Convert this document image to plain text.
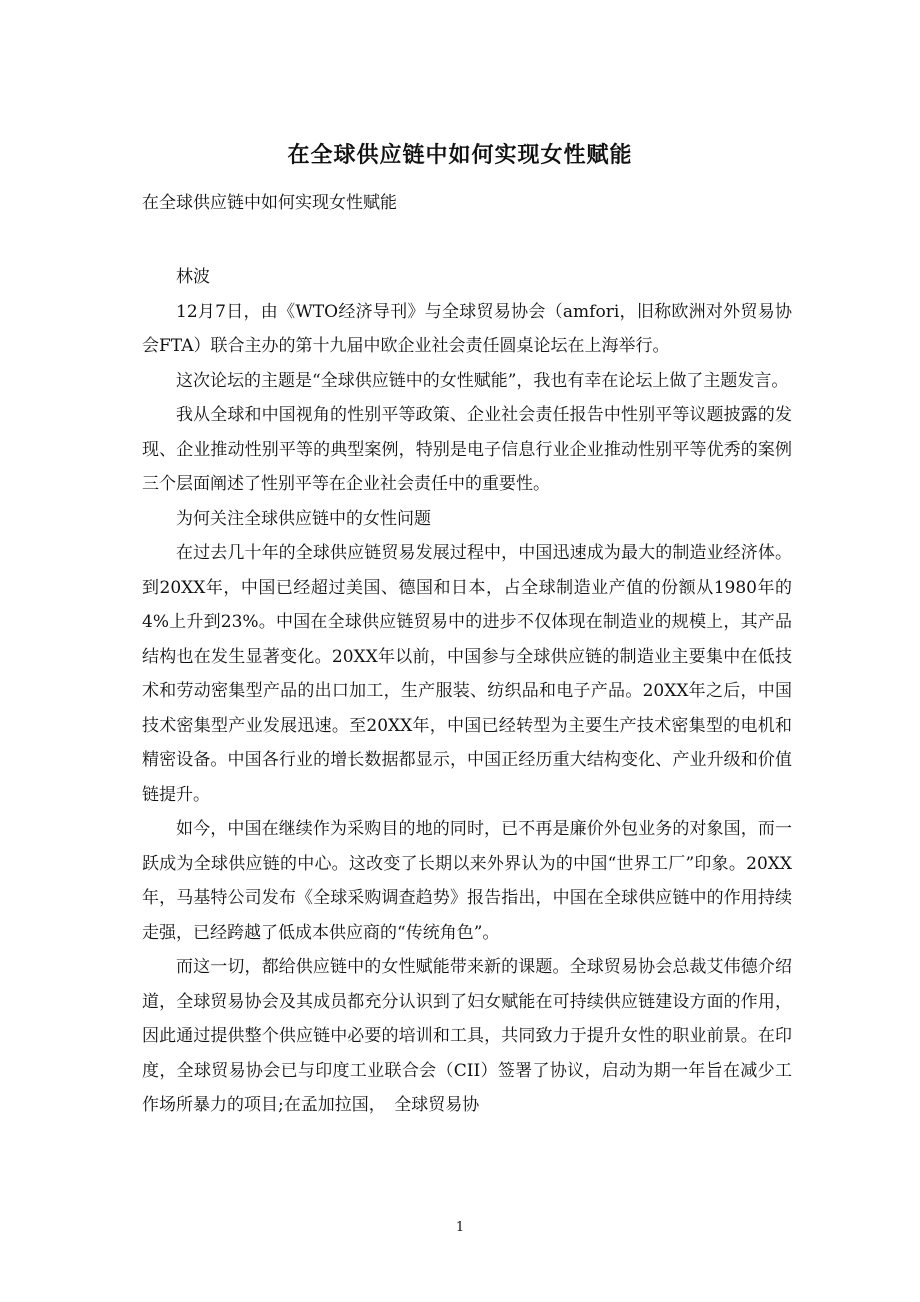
在全球供应链中如何实现女性赋能

在全球供应链中如何实现女性赋能

林波

12月7日，由《WTO经济导刊》与全球贸易协会（amfori，旧称欧洲对外贸易协会FTA）联合主办的第十九届中欧企业社会责任圆桌论坛在上海举行。

这次论坛的主题是“全球供应链中的女性赋能”，我也有幸在论坛上做了主题发言。

我从全球和中国视角的性别平等政策、企业社会责任报告中性别平等议题披露的发现、企业推动性别平等的典型案例，特别是电子信息行业企业推动性别平等优秀的案例三个层面阐述了性别平等在企业社会责任中的重要性。

为何关注全球供应链中的女性问题

在过去几十年的全球供应链贸易发展过程中，中国迅速成为最大的制造业经济体。到20XX年，中国已经超过美国、德国和日本，占全球制造业产值的份额从1980年的4%上升到23%。中国在全球供应链贸易中的进步不仅体现在制造业的规模上，其产品结构也在发生显著变化。20XX年以前，中国参与全球供应链的制造业主要集中在低技术和劳动密集型产品的出口加工，生产服装、纺织品和电子产品。20XX年之后，中国技术密集型产业发展迅速。至20XX年，中国已经转型为主要生产技术密集型的电机和精密设备。中国各行业的增长数据都显示，中国正经历重大结构变化、产业升级和价值链提升。

如今，中国在继续作为采购目的地的同时，已不再是廉价外包业务的对象国，而一跃成为全球供应链的中心。这改变了长期以来外界认为的中国“世界工厂”印象。20XX年，马基特公司发布《全球采购调查趋势》报告指出，中国在全球供应链中的作用持续走强，已经跨越了低成本供应商的“传统角色”。

而这一切，都给供应链中的女性赋能带来新的课题。全球贸易协会总裁艾伟德介绍道，全球贸易协会及其成员都充分认识到了妇女赋能在可持续供应链建设方面的作用，因此通过提供整个供应链中必要的培训和工具，共同致力于提升女性的职业前景。在印度，全球贸易协会已与印度工业联合会（CII）签署了协议，启动为期一年旨在减少工作场所暴力的项目;在孟加拉国，　全球贸易协

1
